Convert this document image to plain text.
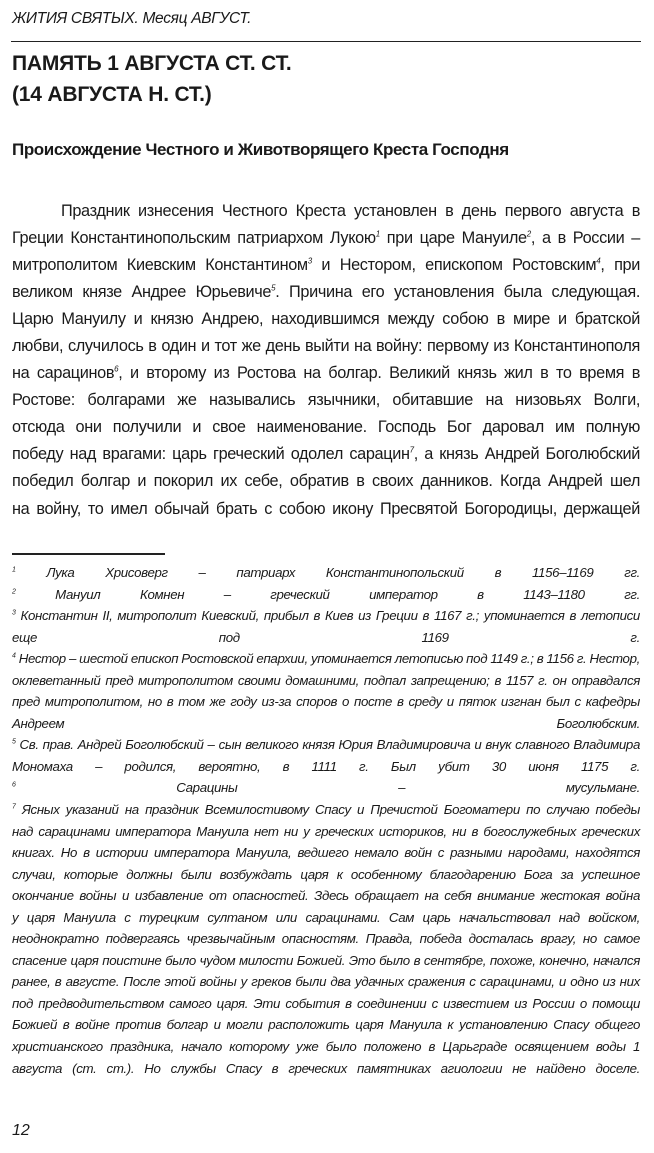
ЖИТИЯ СВЯТЫХ. Месяц АВГУСТ.
ПАМЯТЬ 1 АВГУСТА СТ. СТ.
(14 АВГУСТА Н. СТ.)
Происхождение Честного и Животворящего Креста Господня
Праздник изнесения Честного Креста установлен в день первого августа в
Греции Константинопольским патриархом Лукою$^1$ при царе Мануиле$^2$, а в России –
митрополитом Киевским Константином$^3$ и Нестором, епископом Ростовским$^4$, при
великом князе Андрее Юрьевиче$^5$. Причина его установления была следующая.
Царю Мануилу и князю Андрею, находившимся между собою в мире и братской
любви, случилось в один и тот же день выйти на войну: первому из Константинополя
на сарацинов$^6$, и второму из Ростова на болгар. Великий князь жил в то время в
Ростове: болгарами же назывались язычники, обитавшие на низовьях Волги,
отсюда они получили и свое наименование. Господь Бог даровал им полную
победу над врагами: царь греческий одолел сарацин$^7$, а князь Андрей Боголюбский
победил болгар и покорил их себе, обратив в своих данников. Когда Андрей шел
на войну, то имел обычай брать с собою икону Пресвятой Богородицы, держащей
$^1$ Лука Хрисоверг – патриарх Константинопольский в 1156–1169 гг.
$^2$	Мануил Комнен – греческий император в 1143–1180 гг.
$^3$ Константин II, митрополит Киевский, прибыл в Киев из Греции в 1167 г.; упоминается в летописи
еще под 1169 г.
$^4$ Нестор – шестой епископ Ростовской епархии, упоминается летописью под 1149 г.; в 1156 г. Нестор,
оклеветанный пред митрополитом своими домашними, подпал запрещению; в 1157 г. он оправдался
пред митрополитом, но в том же году из-за споров о посте в среду и пяток изгнан был с кафедры
Андреем Боголюбским.
$^5$ Св. прав. Андрей Боголюбский – сын великого князя Юрия Владимировича и внук славного Владимира
Мономаха – родился, вероятно, в 1111 г. Был убит 30 июня 1175 г.
$^6$	Сарацины – мусульмане.
$^7$ Ясных указаний на праздник Всемилостивому Спасу и Пречистой Богоматери по случаю победы
над сарацинами императора Мануила нет ни у греческих историков, ни в богослужебных греческих
книгах. Но в истории императора Мануила, ведшего немало войн с разными народами, находятся
случаи, которые должны были возбуждать царя к особенному благодарению Бога за успешное
окончание войны и избавление от опасностей. Здесь обращает на себя внимание жестокая война
у царя Мануила с турецким султаном или сарацинами. Сам царь начальствовал над войском,
неоднократно подвергаясь чрезвычайным опасностям. Правда, победа досталась врагу, но самое
спасение царя поистине было чудом милости Божией. Это было в сентябре, похоже, конечно, начался
ранее, в августе. После этой войны у греков были два удачных сражения с сарацинами, и одно из них
под предводительством самого царя. Эти события в соединении с известием из России о помощи
Божией в войне против болгар и могли расположить царя Мануила к установлению Спасу общего
христианского праздника, начало которому уже было положено в Царьграде освящением воды 1
августа (ст. ст.). Но службы Спасу в греческих памятниках агиологии не найдено доселе.
12
